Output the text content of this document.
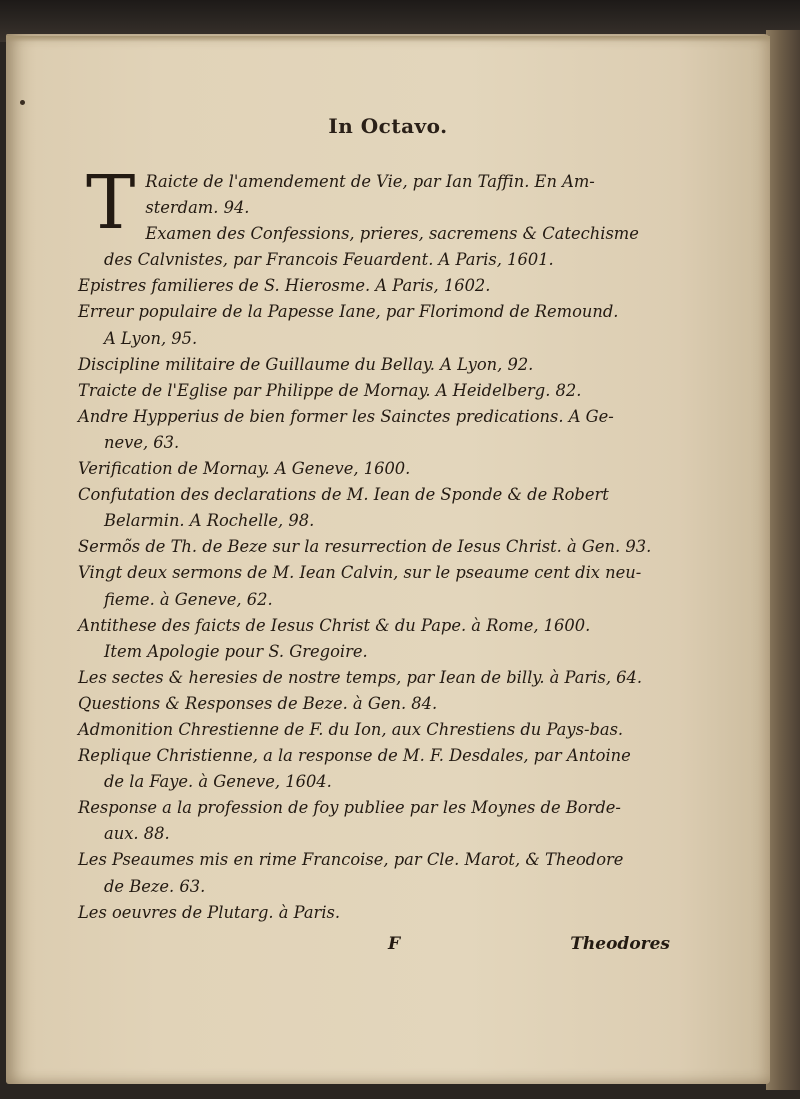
In Octavo.
T Raicte de l'amendement de Vie, par Ian Taffin. En Am-
sterdam. 94.
Examen des Confessions, prieres, sacremens & Catechisme
des Calvnistes, par Francois Feuardent. A Paris, 1601.
Epistres familieres de S. Hierosme. A Paris, 1602.
Erreur populaire de la Papesse Iane, par Florimond de Remound.
A Lyon, 95.
Discipline militaire de Guillaume du Bellay. A Lyon, 92.
Traicte de l'Eglise par Philippe de Mornay. A Heidelberg. 82.
Andre Hypperius de bien former les Sainctes predications. A Ge-
neve, 63.
Verification de Mornay. A Geneve, 1600.
Confutation des declarations de M. Iean de Sponde & de Robert
Belarmin. A Rochelle, 98.
Sermõs de Th. de Beze sur la resurrection de Iesus Christ. à Gen. 93.
Vingt deux sermons de M. Iean Calvin, sur le pseaume cent dix neu-
fieme. à Geneve, 62.
Antithese des faicts de Iesus Christ & du Pape. à Rome, 1600.
Item Apologie pour S. Gregoire.
Les sectes & heresies de nostre temps, par Iean de billy. à Paris, 64.
Questions & Responses de Beze. à Gen. 84.
Admonition Chrestienne de F. du Ion, aux Chrestiens du Pays-bas.
Replique Christienne, a la response de M. F. Desdales, par Antoine
de la Faye. à Geneve, 1604.
Response a la profession de foy publiee par les Moynes de Borde-
aux. 88.
Les Pseaumes mis en rime Francoise, par Cle. Marot, & Theodore
de Beze. 63.
Les oeuvres de Plutarg. à Paris.
F	Theodores
